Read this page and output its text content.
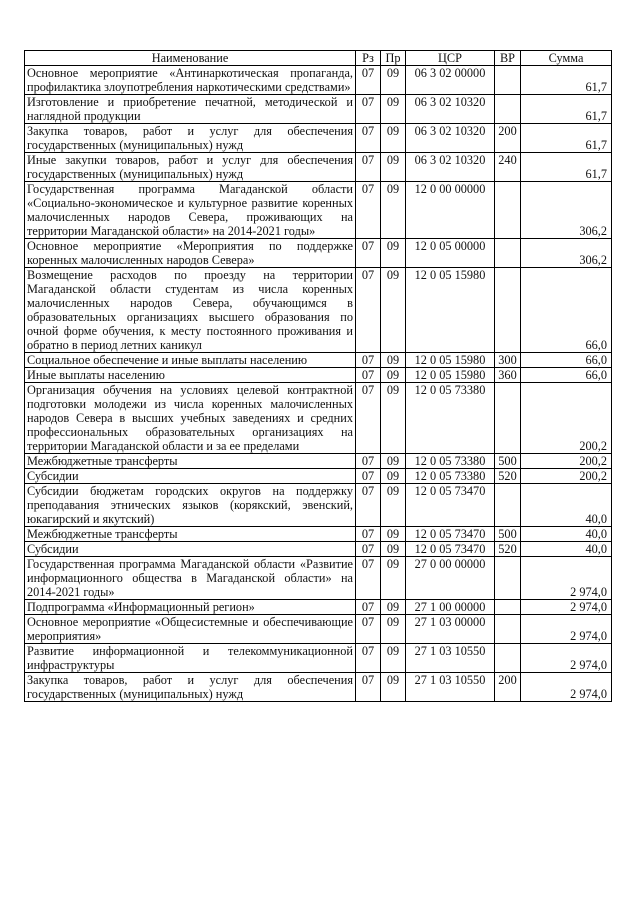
Наименование	Рз	Пр	ЦСР	ВР	Сумма
Основное мероприятие «Антинаркотическая пропаганда, профилактика злоупотребления наркотическими средствами»	07	09	06 3 02 00000		61,7
Изготовление и приобретение печатной, методической и наглядной продукции	07	09	06 3 02 10320		61,7
Закупка товаров, работ и услуг для обеспечения государственных (муниципальных) нужд	07	09	06 3 02 10320	200	61,7
Иные закупки товаров, работ и услуг для обеспечения государственных (муниципальных) нужд	07	09	06 3 02 10320	240	61,7
Государственная программа Магаданской области «Социально-экономическое и культурное развитие коренных малочисленных народов Севера, проживающих на территории Магаданской области» на 2014-2021 годы»	07	09	12 0 00 00000		306,2
Основное мероприятие «Мероприятия по поддержке коренных малочисленных народов Севера»	07	09	12 0 05 00000		306,2
Возмещение расходов по проезду на территории Магаданской области студентам из числа коренных малочисленных народов Севера, обучающимся в образовательных организациях высшего образования по очной форме обучения, к месту постоянного проживания и обратно в период летних каникул	07	09	12 0 05 15980		66,0
Социальное обеспечение и иные выплаты населению	07	09	12 0 05 15980	300	66,0
Иные выплаты населению	07	09	12 0 05 15980	360	66,0
Организация обучения на условиях целевой контрактной подготовки молодежи из числа коренных малочисленных народов Севера в высших учебных заведениях и средних профессиональных образовательных организациях на территории Магаданской области и за ее пределами	07	09	12 0 05 73380		200,2
Межбюджетные трансферты	07	09	12 0 05 73380	500	200,2
Субсидии	07	09	12 0 05 73380	520	200,2
Субсидии бюджетам городских округов на поддержку преподавания этнических языков (корякский, эвенский, юкагирский и якутский)	07	09	12 0 05 73470		40,0
Межбюджетные трансферты	07	09	12 0 05 73470	500	40,0
Субсидии	07	09	12 0 05 73470	520	40,0
Государственная программа Магаданской области «Развитие информационного общества в Магаданской области» на 2014-2021 годы»	07	09	27 0 00 00000		2 974,0
Подпрограмма «Информационный регион»	07	09	27 1 00 00000		2 974,0
Основное мероприятие «Общесистемные и обеспечивающие мероприятия»	07	09	27 1 03 00000		2 974,0
Развитие информационной и телекоммуникационной инфраструктуры	07	09	27 1 03 10550		2 974,0
Закупка товаров, работ и услуг для обеспечения государственных (муниципальных) нужд	07	09	27 1 03 10550	200	2 974,0
